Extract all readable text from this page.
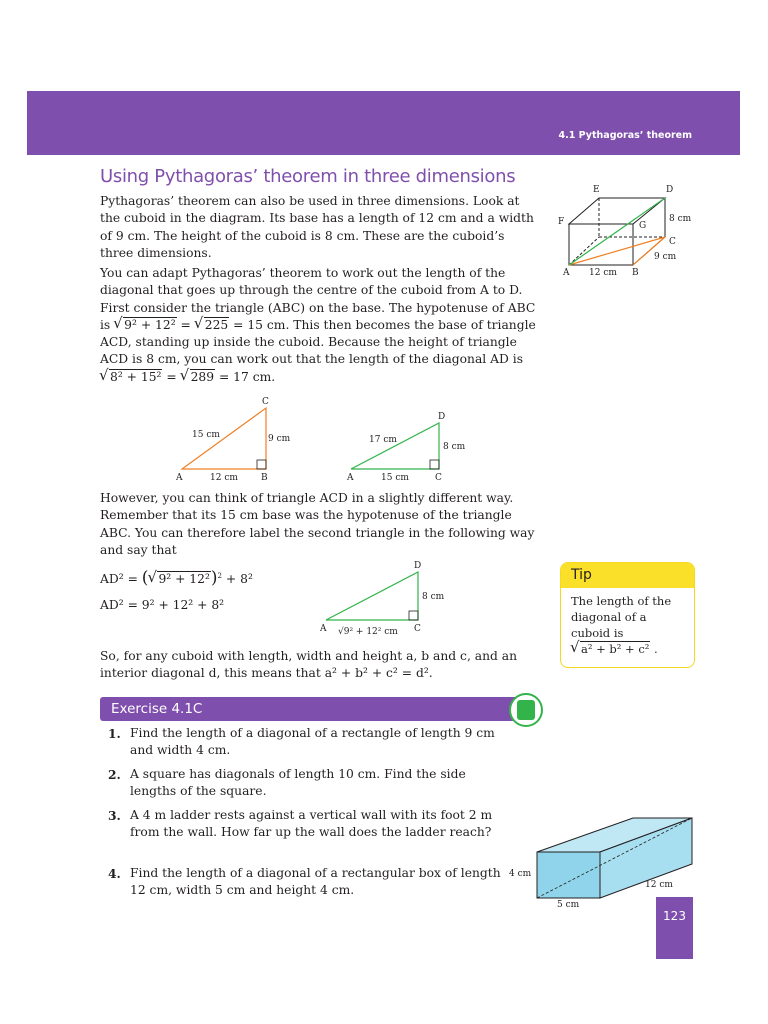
4.1 Pythagoras’ theorem
Using Pythagoras’ theorem in three dimensions

Pythagoras’ theorem can also be used in three dimensions. Look at the cuboid in the diagram. Its base has a length of 12 cm and a width of 9 cm. The height of the cuboid is 8 cm. These are the cuboid’s three dimensions.

You can adapt Pythagoras’ theorem to work out the length of the diagonal that goes up through the centre of the cuboid from A to D. First consider the triangle (ABC) on the base. The hypotenuse of ABC is √ 9² + 12² = √ 225 = 15 cm. This then becomes the base of triangle ACD, standing up inside the cuboid. Because the height of triangle ACD is 8 cm, you can work out that the length of the diagonal AD is √ 8² + 15² = √ 289 = 17 cm.

E	D
F	G
C
A	B
12 cm
9 cm
8 cm
C
A	B
15 cm
12 cm
9 cm
D
A	C
17 cm
15 cm
8 cm

However, you can think of triangle ACD in a slightly different way. Remember that its 15 cm base was the hypotenuse of the triangle ABC. You can therefore label the second triangle in the following way and say that

AD² = ( √ 9² + 12²)$^2$ + 8²
AD² = 9² + 12² + 8²
D
A	C
8 cm
√9² + 12² cm

So, for any cuboid with length, width and height a, b and c, and an interior diagonal d, this means that a² + b² + c² = d².

Tip
The length of the diagonal of a cuboid is
√ a² + b² + c² .
Exercise 4.1C
1. Find the length of a diagonal of a rectangle of length 9 cm and width 4 cm.
2. A square has diagonals of length 10 cm. Find the side lengths of the square.
3. A 4 m ladder rests against a vertical wall with its foot 2 m from the wall. How far up the wall does the ladder reach?
4. Find the length of a diagonal of a rectangular box of length 12 cm, width 5 cm and height 4 cm.
4 cm
12 cm
5 cm
123
